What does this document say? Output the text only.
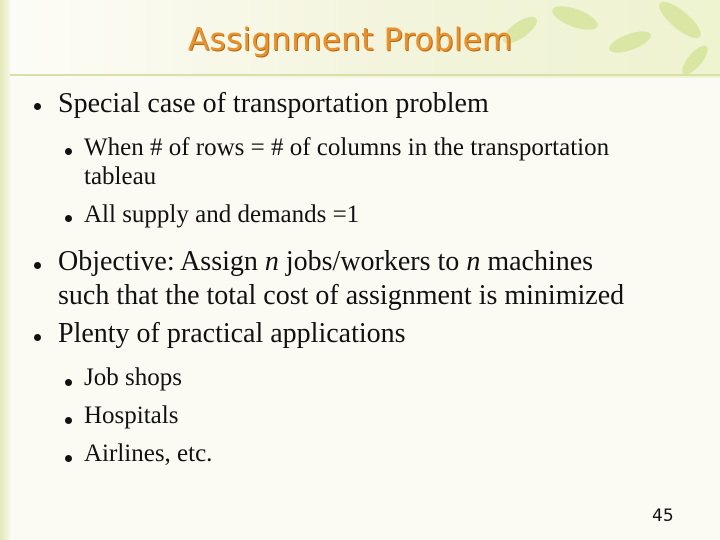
Assignment Problem
Special case of transportation problem
When # of rows = # of columns in the transportation
tableau
All supply and demands =1
Objective: Assign n jobs/workers to n machines
such that the total cost of assignment is minimized
Plenty of practical applications
Job shops
Hospitals
Airlines, etc.
45
